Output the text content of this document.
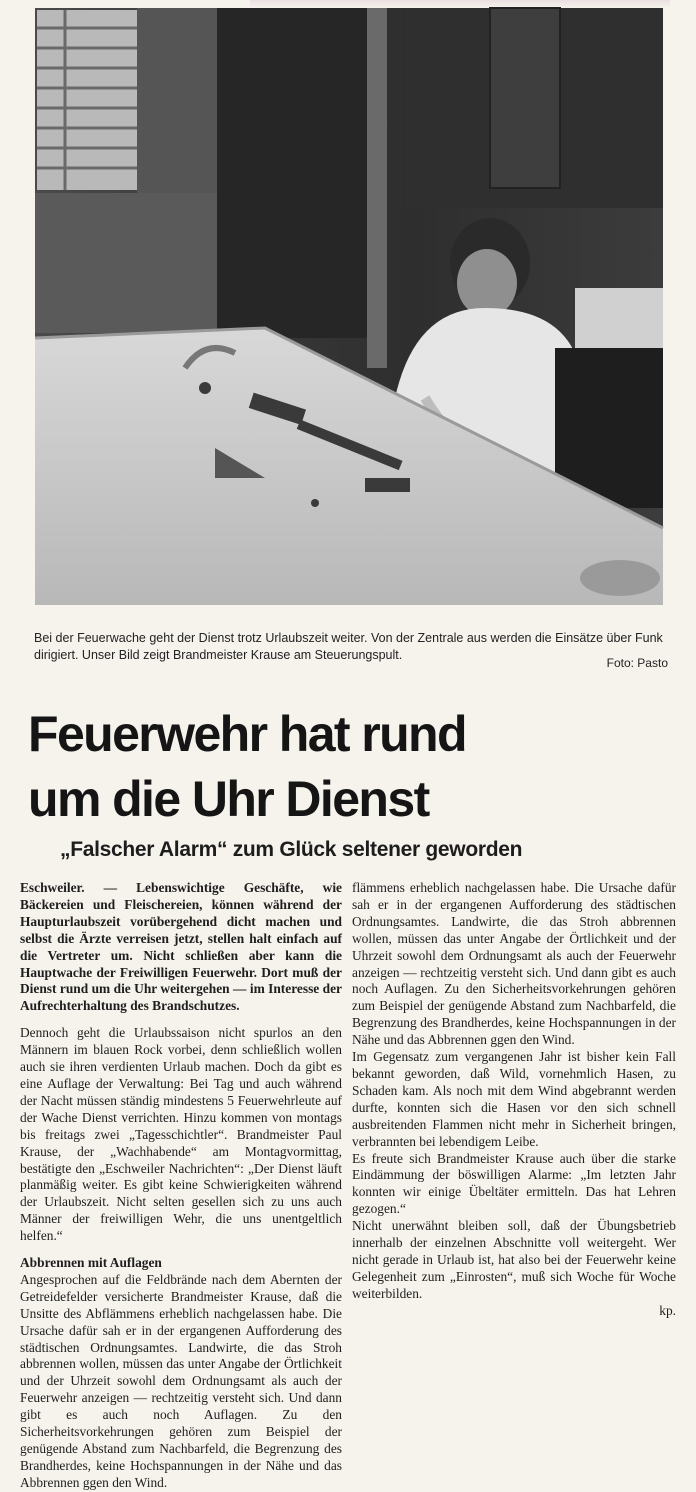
Bei der Feuerwache geht der Dienst trotz Urlaubszeit weiter. Von der Zentrale aus werden die Einsätze über Funk dirigiert. Unser Bild zeigt Brandmeister Krause am Steuerungspult.

Foto: Pasto
Feuerwehr hat rund
um die Uhr Dienst
„Falscher Alarm“ zum Glück seltener geworden

Eschweiler. — Lebenswichtige Geschäfte, wie Bäckereien und Fleischereien, können während der Haupturlaubszeit vorübergehend dicht machen und selbst die Ärzte verreisen jetzt, stellen halt einfach auf die Vertreter um. Nicht schließen aber kann die Hauptwache der Freiwilligen Feuerwehr. Dort muß der Dienst rund um die Uhr weitergehen — im Interesse der Aufrechterhaltung des Brandschutzes.

Dennoch geht die Urlaubssaison nicht spurlos an den Männern im blauen Rock vorbei, denn schließlich wollen auch sie ihren verdienten Urlaub machen. Doch da gibt es eine Auflage der Verwaltung: Bei Tag und auch während der Nacht müssen ständig mindestens 5 Feuerwehrleute auf der Wache Dienst verrichten. Hinzu kommen von montags bis freitags zwei „Tagesschichtler“. Brandmeister Paul Krause, der „Wachhabende“ am Montagvormittag, bestätigte den „Eschweiler Nachrichten“: „Der Dienst läuft planmäßig weiter. Es gibt keine Schwierigkeiten während der Urlaubszeit. Nicht selten gesellen sich zu uns auch Männer der freiwilligen Wehr, die uns unentgeltlich helfen.“

Abbrennen mit Auflagen

Angesprochen auf die Feldbrände nach dem Abernten der Getreidefelder versicherte Brandmeister Krause, daß die Unsitte des Abflämmens erheblich nachgelassen habe. Die Ursache dafür sah er in der ergangenen Aufforderung des städtischen Ordnungsamtes. Landwirte, die das Stroh abbrennen wollen, müssen das unter Angabe der Örtlichkeit und der Uhrzeit sowohl dem Ordnungsamt als auch der Feuerwehr anzeigen — rechtzeitig versteht sich. Und dann gibt es auch noch Auflagen. Zu den Sicherheitsvorkehrungen gehören zum Beispiel der genügende Abstand zum Nachbarfeld, die Begrenzung des Brandherdes, keine Hochspannungen in der Nähe und das Abbrennen ggen den Wind.

flämmens erheblich nachgelassen habe. Die Ursache dafür sah er in der ergangenen Aufforderung des städtischen Ordnungsamtes. Landwirte, die das Stroh abbrennen wollen, müssen das unter Angabe der Örtlichkeit und der Uhrzeit sowohl dem Ordnungsamt als auch der Feuerwehr anzeigen — rechtzeitig versteht sich. Und dann gibt es auch noch Auflagen. Zu den Sicherheitsvorkehrungen gehören zum Beispiel der genügende Abstand zum Nachbarfeld, die Begrenzung des Brandherdes, keine Hochspannungen in der Nähe und das Abbrennen ggen den Wind.

Im Gegensatz zum vergangenen Jahr ist bisher kein Fall bekannt geworden, daß Wild, vornehmlich Hasen, zu Schaden kam. Als noch mit dem Wind abgebrannt werden durfte, konnten sich die Hasen vor den sich schnell ausbreitenden Flammen nicht mehr in Sicherheit bringen, verbrannten bei lebendigem Leibe.

Es freute sich Brandmeister Krause auch über die starke Eindämmung der böswilligen Alarme: „Im letzten Jahr konnten wir einige Übeltäter ermitteln. Das hat Lehren gezogen.“

Nicht unerwähnt bleiben soll, daß der Übungsbetrieb innerhalb der einzelnen Abschnitte voll weitergeht. Wer nicht gerade in Urlaub ist, hat also bei der Feuerwehr keine Gelegenheit zum „Einrosten“, muß sich Woche für Woche weiterbilden.

kp.
